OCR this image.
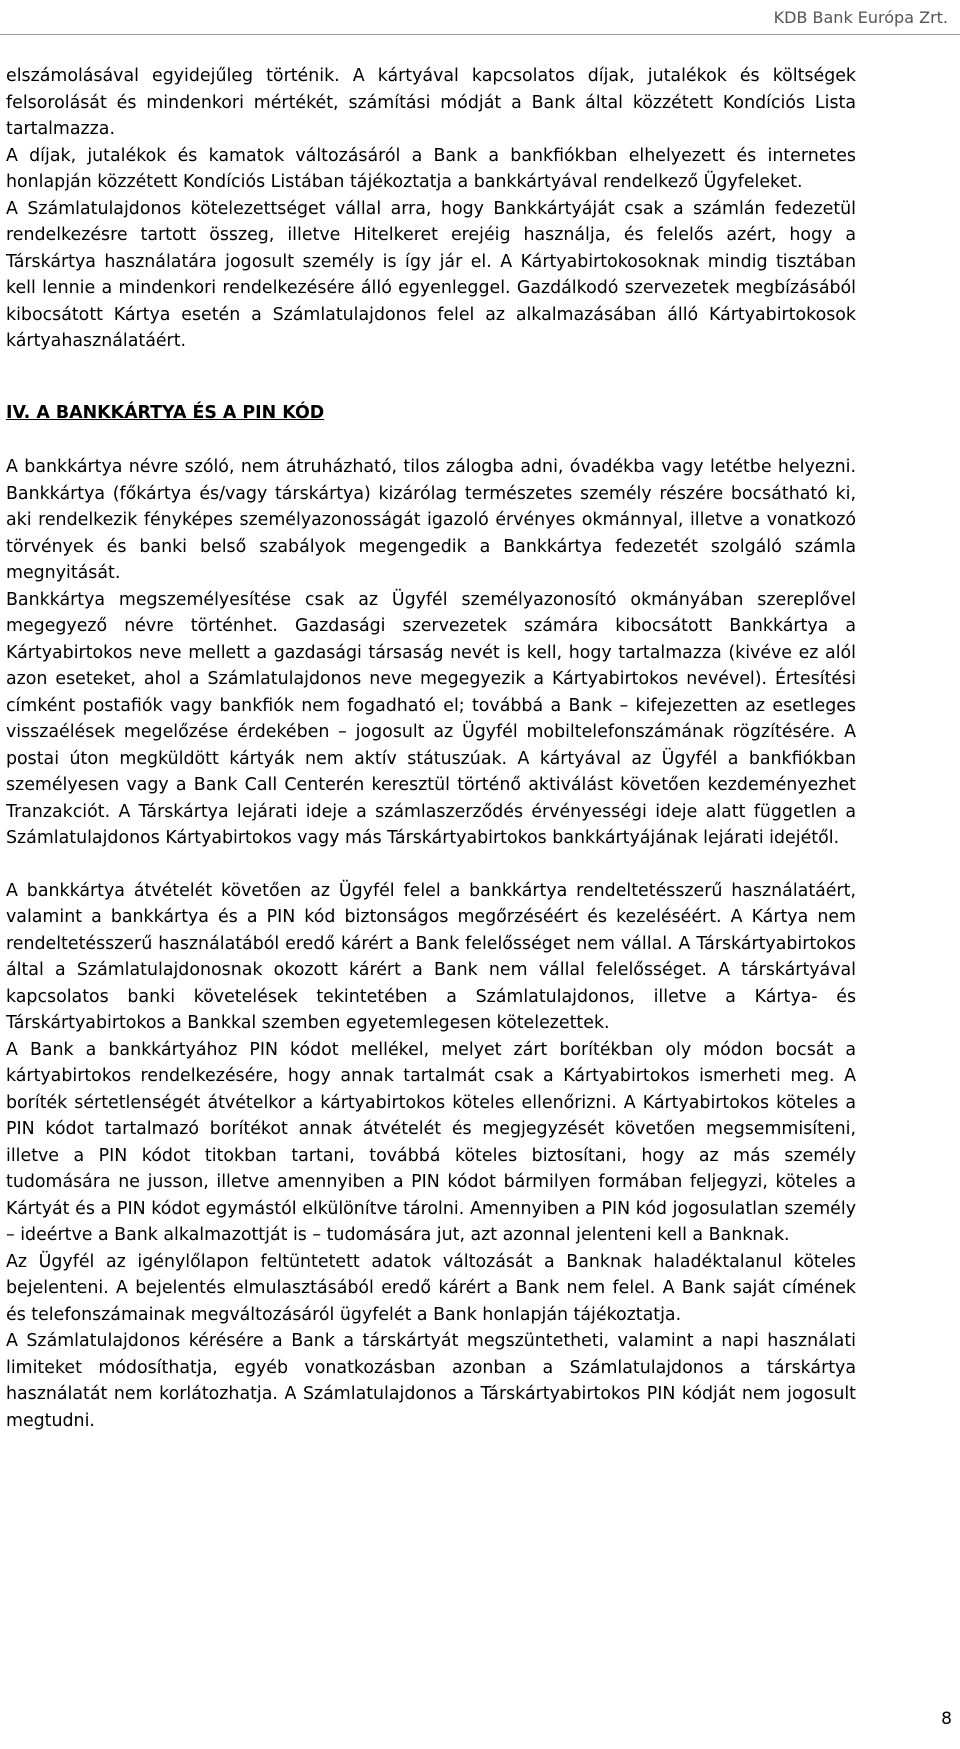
KDB Bank Európa Zrt.

elszámolásával egyidejűleg történik. A kártyával kapcsolatos díjak, jutalékok és költségek felsorolását és mindenkori mértékét, számítási módját a Bank által közzétett Kondíciós Lista tartalmazza.

A díjak, jutalékok és kamatok változásáról a Bank a bankfiókban elhelyezett és internetes honlapján közzétett Kondíciós Listában tájékoztatja a bankkártyával rendelkező Ügyfeleket.

A Számlatulajdonos kötelezettséget vállal arra, hogy Bankkártyáját csak a számlán fedezetül rendelkezésre tartott összeg, illetve Hitelkeret erejéig használja, és felelős azért, hogy a Társkártya használatára jogosult személy is így jár el. A Kártyabirtokosoknak mindig tisztában kell lennie a mindenkori rendelkezésére álló egyenleggel. Gazdálkodó szervezetek megbízásából kibocsátott Kártya esetén a Számlatulajdonos felel az alkalmazásában álló Kártyabirtokosok kártyahasználatáért.

IV. A BANKKÁRTYA ÉS A PIN KÓD

A bankkártya névre szóló, nem átruházható, tilos zálogba adni, óvadékba vagy letétbe helyezni. Bankkártya (főkártya és/vagy társkártya) kizárólag természetes személy részére bocsátható ki, aki rendelkezik fényképes személyazonosságát igazoló érvényes okmánnyal, illetve a vonatkozó törvények és banki belső szabályok megengedik a Bankkártya fedezetét szolgáló számla megnyitását.

Bankkártya megszemélyesítése csak az Ügyfél személyazonosító okmányában szereplővel megegyező névre történhet. Gazdasági szervezetek számára kibocsátott Bankkártya a Kártyabirtokos neve mellett a gazdasági társaság nevét is kell, hogy tartalmazza (kivéve ez alól azon eseteket, ahol a Számlatulajdonos neve megegyezik a Kártyabirtokos nevével). Értesítési címként postafiók vagy bankfiók nem fogadható el; továbbá a Bank – kifejezetten az esetleges visszaélések megelőzése érdekében – jogosult az Ügyfél mobiltelefonszámának rögzítésére. A postai úton megküldött kártyák nem aktív státuszúak. A kártyával az Ügyfél a bankfiókban személyesen vagy a Bank Call Centerén keresztül történő aktiválást követően kezdeményezhet Tranzakciót. A Társkártya lejárati ideje a számlaszerződés érvényességi ideje alatt független a Számlatulajdonos Kártyabirtokos vagy más Társkártyabirtokos bankkártyájának lejárati idejétől.

A bankkártya átvételét követően az Ügyfél felel a bankkártya rendeltetésszerű használatáért, valamint a bankkártya és a PIN kód biztonságos megőrzéséért és kezeléséért. A Kártya nem rendeltetésszerű használatából eredő kárért a Bank felelősséget nem vállal. A Társkártyabirtokos által a Számlatulajdonosnak okozott kárért a Bank nem vállal felelősséget. A társkártyával kapcsolatos banki követelések tekintetében a Számlatulajdonos, illetve a Kártya- és Társkártyabirtokos a Bankkal szemben egyetemlegesen kötelezettek.

A Bank a bankkártyához PIN kódot mellékel, melyet zárt borítékban oly módon bocsát a kártyabirtokos rendelkezésére, hogy annak tartalmát csak a Kártyabirtokos ismerheti meg. A boríték sértetlenségét átvételkor a kártyabirtokos köteles ellenőrizni. A Kártyabirtokos köteles a PIN kódot tartalmazó borítékot annak átvételét és megjegyzését követően megsemmisíteni, illetve a PIN kódot titokban tartani, továbbá köteles biztosítani, hogy az más személy tudomására ne jusson, illetve amennyiben a PIN kódot bármilyen formában feljegyzi, köteles a Kártyát és a PIN kódot egymástól elkülönítve tárolni. Amennyiben a PIN kód jogosulatlan személy – ideértve a Bank alkalmazottját is – tudomására jut, azt azonnal jelenteni kell a Banknak.

Az Ügyfél az igénylőlapon feltüntetett adatok változását a Banknak haladéktalanul köteles bejelenteni. A bejelentés elmulasztásából eredő kárért a Bank nem felel. A Bank saját címének és telefonszámainak megváltozásáról ügyfelét a Bank honlapján tájékoztatja.

A Számlatulajdonos kérésére a Bank a társkártyát megszüntetheti, valamint a napi használati limiteket módosíthatja, egyéb vonatkozásban azonban a Számlatulajdonos a társkártya használatát nem korlátozhatja. A Számlatulajdonos a Társkártyabirtokos PIN kódját nem jogosult megtudni.

8
